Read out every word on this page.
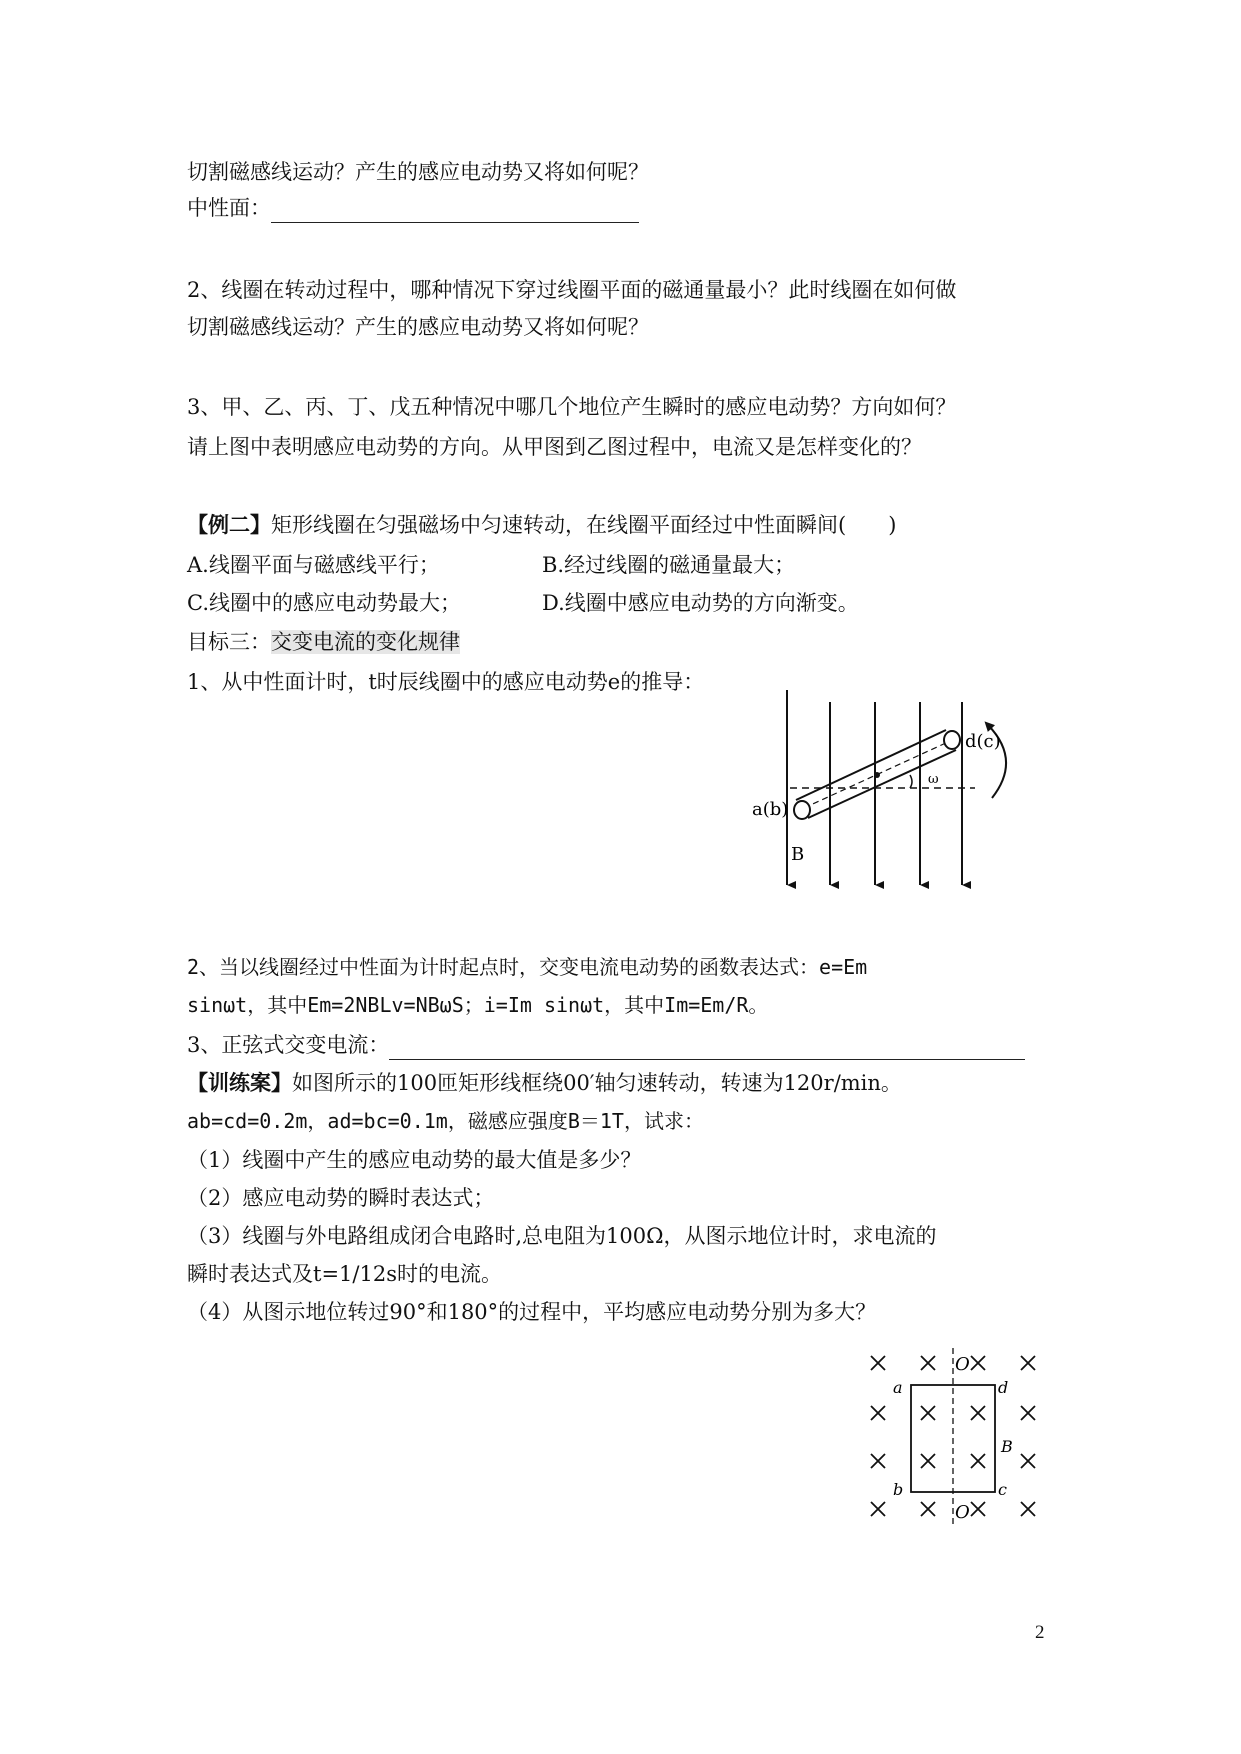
切割磁感线运动？产生的感应电动势又将如何呢？
中性面：
2、线圈在转动过程中，哪种情况下穿过线圈平面的磁通量最小？此时线圈在如何做
切割磁感线运动？产生的感应电动势又将如何呢？
3、甲、乙、丙、丁、戊五种情况中哪几个地位产生瞬时的感应电动势？方向如何？
请上图中表明感应电动势的方向。从甲图到乙图过程中，电流又是怎样变化的？
【例二】矩形线圈在匀强磁场中匀速转动，在线圈平面经过中性面瞬间(　　)
A.线圈平面与磁感线平行；	B.经过线圈的磁通量最大；
C.线圈中的感应电动势最大；	D.线圈中感应电动势的方向渐变。
目标三：交变电流的变化规律
1、从中性面计时，t时辰线圈中的感应电动势e的推导：
ω
d(c)
a(b)
B
2、当以线圈经过中性面为计时起点时，交变电流电动势的函数表达式：e=Em
sinωt，其中Em=2NBLv=NBωS；i=Im sinωt，其中Im=Em/R。
3、正弦式交变电流：
【训练案】如图所示的100匝矩形线框绕00′轴匀速转动，转速为120r/min。
ab=cd=0.2m，ad=bc=0.1m，磁感应强度B＝1T，试求：
（1）线圈中产生的感应电动势的最大值是多少？
（2）感应电动势的瞬时表达式；
（3）线圈与外电路组成闭合电路时,总电阻为100Ω，从图示地位计时，求电流的
瞬时表达式及t=1/12s时的电流。
（4）从图示地位转过90°和180°的过程中，平均感应电动势分别为多大？
O
O
a	d
b	c
B
2
